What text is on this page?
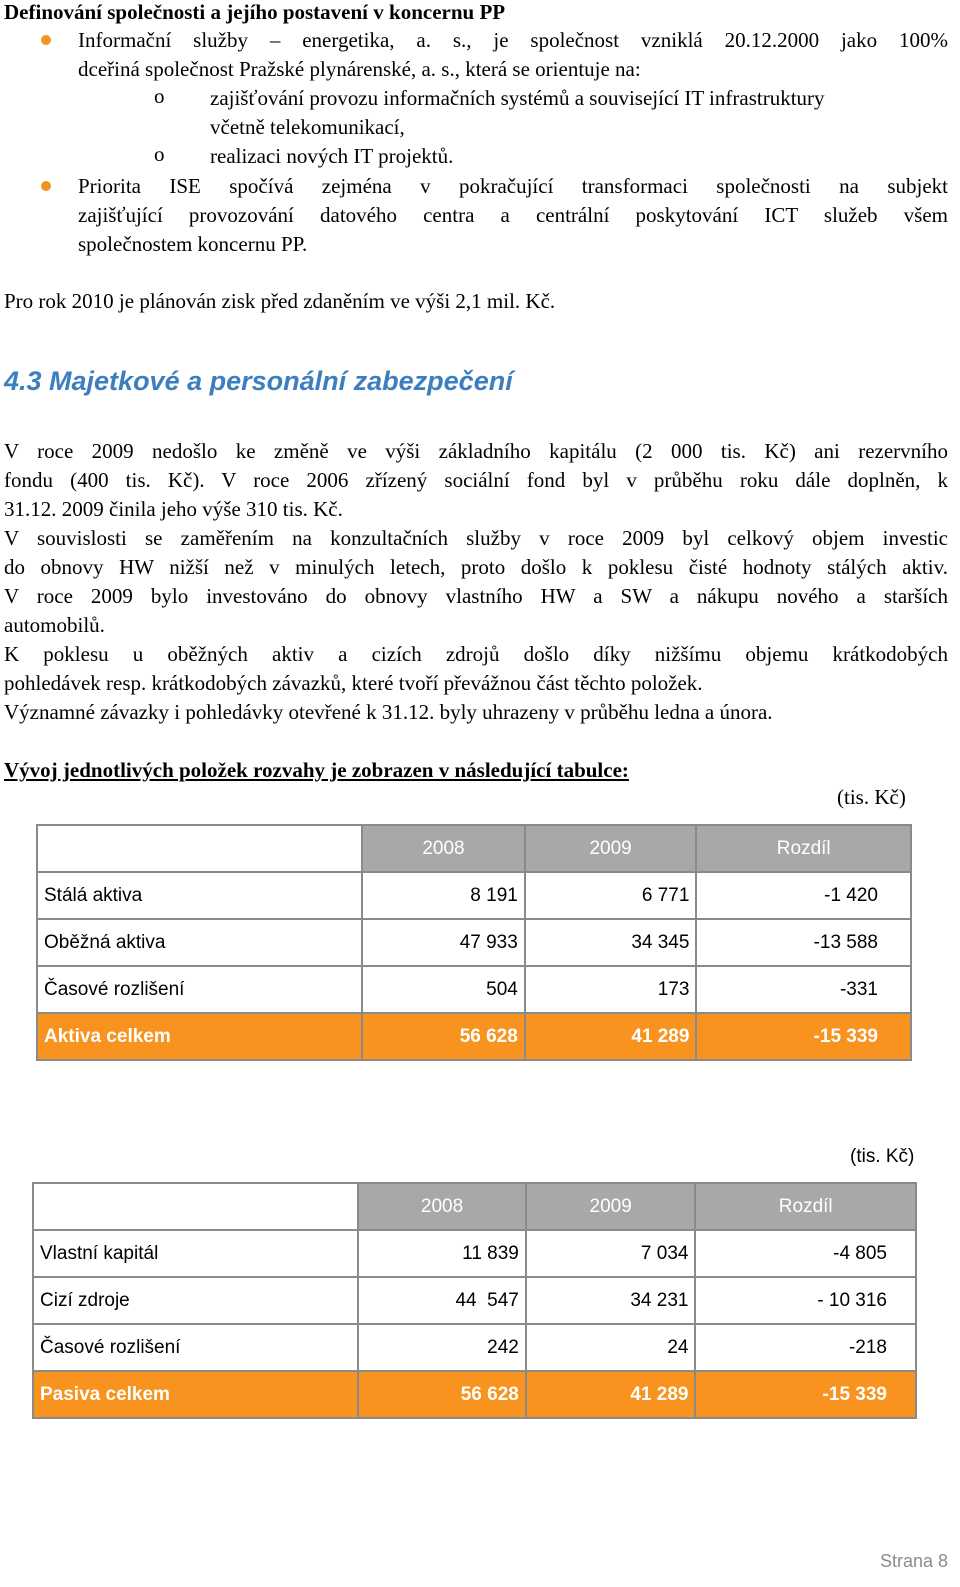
Definování společnosti a jejího postavení v koncernu PP
Informační služby – energetika, a. s., je společnost vzniklá 20.12.2000 jako 100%
dceřiná společnost Pražské plynárenské, a. s., která se orientuje na:
o zajišťování provozu informačních systémů a související IT infrastruktury
včetně telekomunikací,
o realizaci nových IT projektů.
Priorita ISE spočívá zejména v pokračující transformaci společnosti na subjekt
zajišťující provozování datového centra a centrální poskytování ICT služeb všem
společnostem koncernu PP.
Pro rok 2010 je plánován zisk před zdaněním ve výši 2,1 mil. Kč.
4.3 Majetkové a personální zabezpečení
V roce 2009 nedošlo ke změně ve výši základního kapitálu (2 000 tis. Kč) ani rezervního
fondu (400 tis. Kč). V roce 2006 zřízený sociální fond byl v průběhu roku dále doplněn, k
31.12. 2009 činila jeho výše 310 tis. Kč.
V souvislosti se zaměřením na konzultačních služby v roce 2009 byl celkový objem investic
do obnovy HW nižší než v minulých letech, proto došlo k poklesu čisté hodnoty stálých aktiv.
V roce 2009 bylo investováno do obnovy vlastního HW a SW a nákupu nového a starších
automobilů.
K poklesu u oběžných aktiv a cizích zdrojů došlo díky nižšímu objemu krátkodobých
pohledávek resp. krátkodobých závazků, které tvoří převážnou část těchto položek.
Významné závazky i pohledávky otevřené k 31.12. byly uhrazeny v průběhu ledna a února.
Vývoj jednotlivých položek rozvahy je zobrazen v následující tabulce:
(tis. Kč)
	2008	2009	Rozdíl
Stálá aktiva	8 191	6 771	-1 420
Oběžná aktiva	47 933	34 345	-13 588
Časové rozlišení	504	173	-331
Aktiva celkem	56 628	41 289	-15 339
(tis. Kč)
	2008	2009	Rozdíl
Vlastní kapitál	11 839	7 034	-4 805
Cizí zdroje	44  547	34 231	- 10 316
Časové rozlišení	242	24	-218
Pasiva celkem	56 628	41 289	-15 339
Strana 8
